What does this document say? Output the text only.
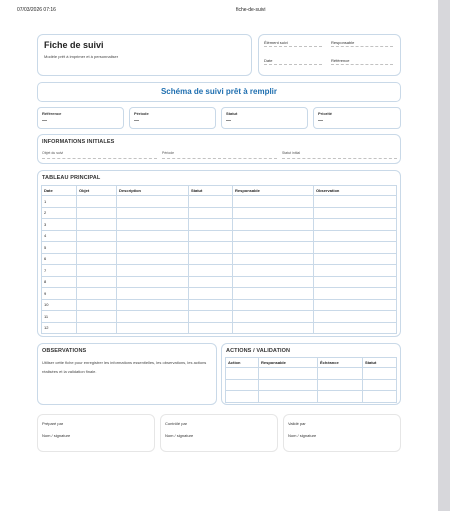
07/03/2026 07:16	fiche-de-suivi
Fiche de suivi
Modèle prêt à imprimer et à personnaliser
Élément suivi	Responsable
Date	Référence
Schéma de suivi prêt à remplir
Référence
—
Période
—
Statut
—
Priorité
—
INFORMATIONS INITIALES
Objet du suivi	Période	Statut initial
TABLEAU PRINCIPAL
Date	Objet	Description	Statut	Responsable	Observation
1					
2					
3					
4					
5					
6					
7					
8					
9					
10					
11					
12					
OBSERVATIONS
Utiliser cette fiche pour enregistrer les informations essentielles, les observations, les actions réalisées et la validation finale.
ACTIONS / VALIDATION
Action	Responsable	Échéance	Statut

Préparé par
Nom / signature
Contrôlé par
Nom / signature
Validé par
Nom / signature
